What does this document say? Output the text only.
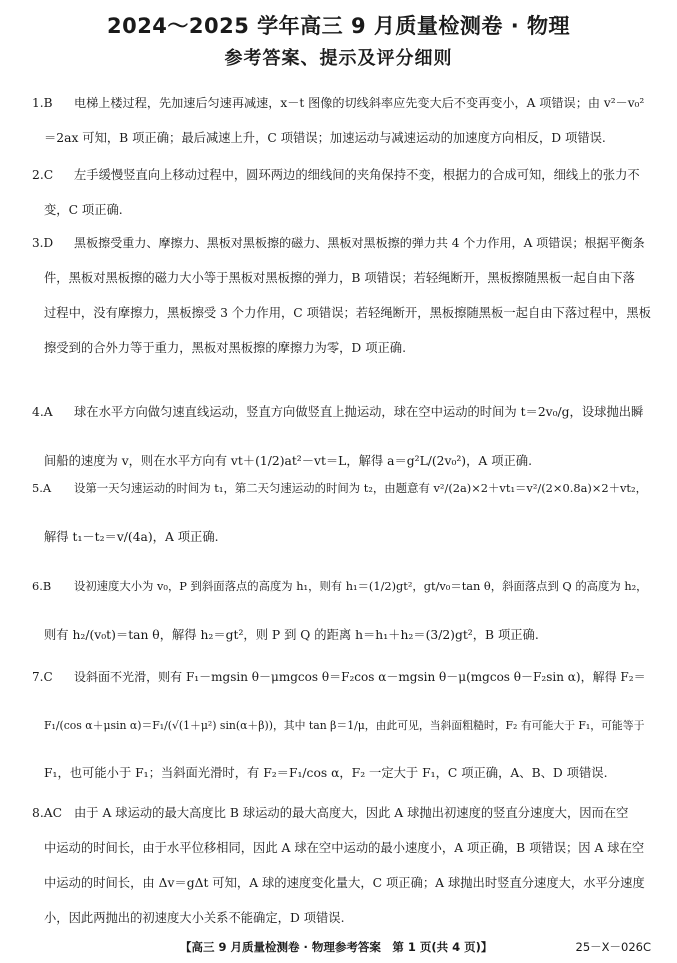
2024～2025 学年高三 9 月质量检测卷 · 物理
参考答案、提示及评分细则
1.B 电梯上楼过程，先加速后匀速再减速，x－t 图像的切线斜率应先变大后不变再变小，A 项错误；由 v²－v₀²
＝2ax 可知，B 项正确；最后减速上升，C 项错误；加速运动与减速运动的加速度方向相反，D 项错误.
2.C 左手缓慢竖直向上移动过程中，圆环两边的细线间的夹角保持不变，根据力的合成可知，细线上的张力不
变，C 项正确.
3.D 黑板擦受重力、摩擦力、黑板对黑板擦的磁力、黑板对黑板擦的弹力共 4 个力作用，A 项错误；根据平衡条
件，黑板对黑板擦的磁力大小等于黑板对黑板擦的弹力，B 项错误；若轻绳断开，黑板擦随黑板一起自由下落
过程中，没有摩擦力，黑板擦受 3 个力作用，C 项错误；若轻绳断开，黑板擦随黑板一起自由下落过程中，黑板
擦受到的合外力等于重力，黑板对黑板擦的摩擦力为零，D 项正确.
4.A 球在水平方向做匀速直线运动，竖直方向做竖直上抛运动，球在空中运动的时间为 t＝2v₀/g，设球抛出瞬
间船的速度为 v，则在水平方向有 vt＋(1/2)at²－vt＝L，解得 a＝g²L/(2v₀²)，A 项正确.
5.A 设第一天匀速运动的时间为 t₁，第二天匀速运动的时间为 t₂，由题意有 v²/(2a)×2＋vt₁＝v²/(2×0.8a)×2＋vt₂，
解得 t₁－t₂＝v/(4a)，A 项正确.
6.B 设初速度大小为 v₀，P 到斜面落点的高度为 h₁，则有 h₁＝(1/2)gt²，gt/v₀＝tan θ，斜面落点到 Q 的高度为 h₂，
则有 h₂/(v₀t)＝tan θ，解得 h₂＝gt²，则 P 到 Q 的距离 h＝h₁＋h₂＝(3/2)gt²，B 项正确.
7.C 设斜面不光滑，则有 F₁－mgsin θ－μmgcos θ＝F₂cos α－mgsin θ－μ(mgcos θ－F₂sin α)，解得 F₂＝
F₁/(cos α＋μsin α)＝F₁/(√(1＋μ²) sin(α＋β))，其中 tan β＝1/μ，由此可见，当斜面粗糙时，F₂ 有可能大于 F₁，可能等于
F₁，也可能小于 F₁；当斜面光滑时，有 F₂＝F₁/cos α，F₂ 一定大于 F₁，C 项正确，A、B、D 项错误.
8.AC 由于 A 球运动的最大高度比 B 球运动的最大高度大，因此 A 球抛出初速度的竖直分速度大，因而在空
中运动的时间长，由于水平位移相同，因此 A 球在空中运动的最小速度小，A 项正确，B 项错误；因 A 球在空
中运动的时间长，由 Δv＝gΔt 可知，A 球的速度变化量大，C 项正确；A 球抛出时竖直分速度大，水平分速度
小，因此两抛出的初速度大小关系不能确定，D 项错误.
【高三 9 月质量检测卷 · 物理参考答案　第 1 页(共 4 页)】	25－X－026C
